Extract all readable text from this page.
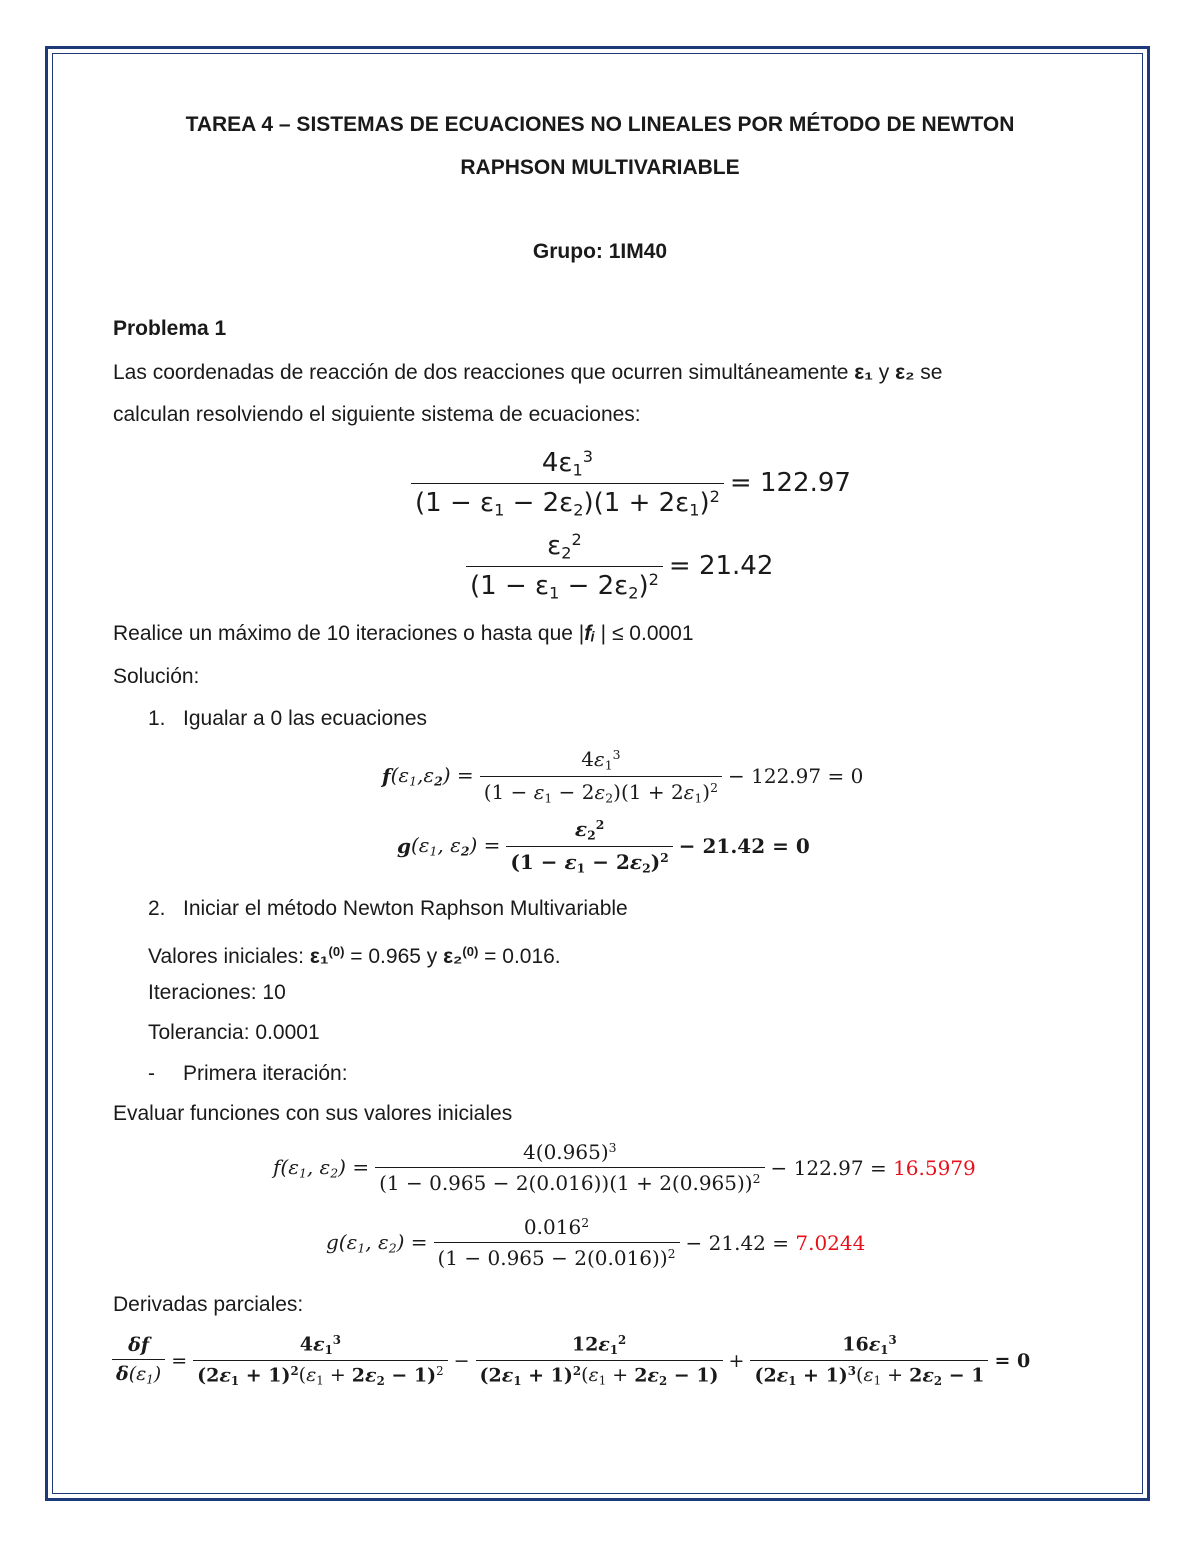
TAREA 4 – SISTEMAS DE ECUACIONES NO LINEALES POR MÉTODO DE NEWTON
RAPHSON MULTIVARIABLE
Grupo: 1IM40
Problema 1
Las coordenadas de reacción de dos reacciones que ocurren simultáneamente ε₁ y ε₂ se
calculan resolviendo el siguiente sistema de ecuaciones:
$\frac{4\varepsilon_1^3}{(1 - \varepsilon_1 - 2\varepsilon_2)(1 + 2\varepsilon_1)^2} = 122.97$
$\frac{\varepsilon_2^2}{(1 - \varepsilon_1 - 2\varepsilon_2)^2} = 21.42$
Realice un máximo de 10 iteraciones o hasta que |fᵢ | ≤ 0.0001
Solución:
1. Igualar a 0 las ecuaciones
f ($\varepsilon_1$, $\varepsilon_2) = \frac{4\varepsilon_1^3}{(1 - \varepsilon_1 - 2\varepsilon_2)(1 + 2\varepsilon_1)^2} - 122.97 = 0$
g ($\varepsilon_1$, $\varepsilon_2) = \frac{\varepsilon_2^2}{(1 - \varepsilon_1 - 2\varepsilon_2)^2} - 21.42 = 0$
2. Iniciar el método Newton Raphson Multivariable
Valores iniciales: ε₁$^{(0)}$ = 0.965 y ε₂$^{(0)}$ = 0.016.
Iteraciones: 10
Tolerancia: 0.0001
- Primera iteración:
Evaluar funciones con sus valores iniciales
$f(\varepsilon_1$, $\varepsilon_2) = \frac{4(0.965)^3}{(1 - 0.965 - 2(0.016))(1 + 2(0.965))^2} - 122.97$ =
16.5979
$g(\varepsilon_1$, $\varepsilon_2) = \frac{0.016^2}{(1 - 0.965 - 2(0.016))^2} - 21.42$ =
7.0244
Derivadas parciales:
$\frac{\delta f}{\delta(\varepsilon_1)} = \frac{4\varepsilon_1^3}{(2\varepsilon_1 + 1)^2(\varepsilon_1 + 2\varepsilon_2 - 1)^2} - \frac{12\varepsilon_1^2}{(2\varepsilon_1 + 1)^2(\varepsilon_1 + 2\varepsilon_2 - 1)} + \frac{16\varepsilon_1^3}{(2\varepsilon_1 + 1)^3(\varepsilon_1 + 2\varepsilon_2 - 1} = 0$
